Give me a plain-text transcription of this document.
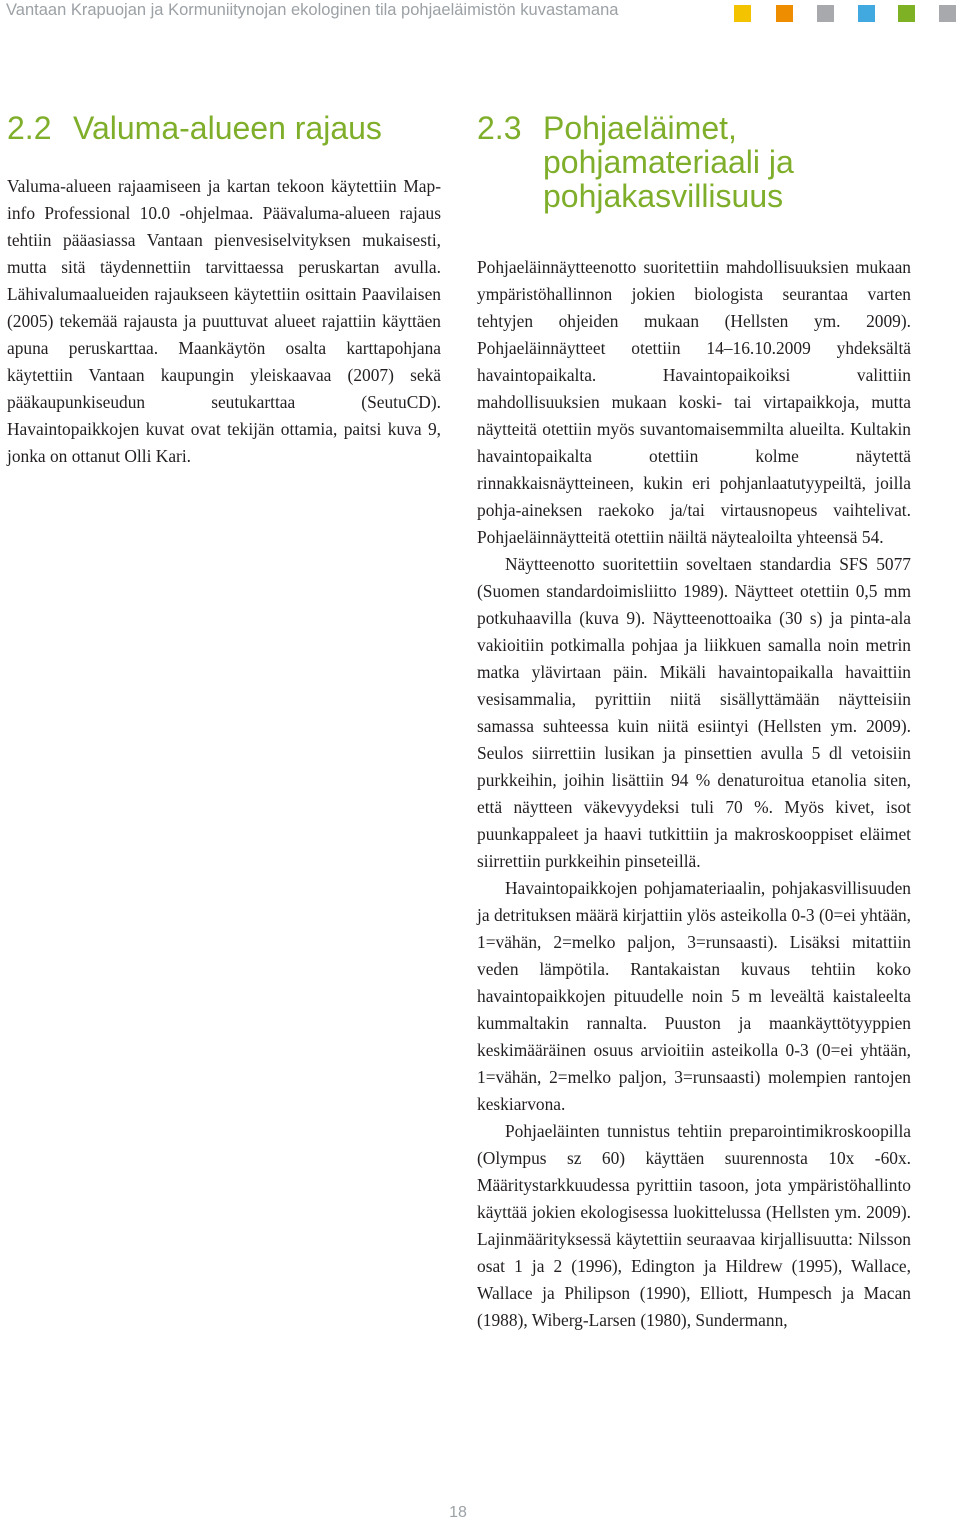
Vantaan Krapuojan ja Kormuniitynojan ekologinen tila pohjaeläimistön kuvastamana
2.2 Valuma-alueen rajaus

Valuma-alueen rajaamiseen ja kartan tekoon käytettiin Map-info Professional 10.0 -ohjelmaa. Päävaluma-alueen rajaus tehtiin pääasiassa Vantaan pienvesiselvityksen mukaisesti, mutta sitä täydennettiin tarvittaessa peruskartan avulla. Lähivalumaalueiden rajaukseen käytettiin osittain Paavilaisen (2005) tekemää rajausta ja puuttuvat alueet rajattiin käyttäen apuna peruskarttaa. Maankäytön osalta karttapohjana käytettiin Vantaan kaupungin yleiskaavaa (2007) sekä pääkaupunkiseudun seutukarttaa (SeutuCD). Havaintopaikkojen kuvat ovat tekijän ottamia, paitsi kuva 9, jonka on ottanut Olli Kari.

2.3 Pohjaeläimet, pohjamateriaali ja pohjakasvillisuus

Pohjaeläinnäytteenotto suoritettiin mahdollisuuksien mukaan ympäristöhallinnon jokien biologista seurantaa varten tehtyjen ohjeiden mukaan (Hellsten ym. 2009). Pohjaeläinnäytteet otettiin 14–16.10.2009 yhdeksältä havaintopaikalta. Havaintopaikoiksi valittiin mahdollisuuksien mukaan koski- tai virtapaikkoja, mutta näytteitä otettiin myös suvantomaisemmilta alueilta. Kultakin havaintopaikalta otettiin kolme näytettä rinnakkaisnäytteineen, kukin eri pohjanlaatutyypeiltä, joilla pohja-aineksen raekoko ja/tai virtausnopeus vaihtelivat. Pohjaeläinnäytteitä otettiin näiltä näytealoilta yhteensä 54.

Näytteenotto suoritettiin soveltaen standardia SFS 5077 (Suomen standardoimisliitto 1989). Näytteet otettiin 0,5 mm potkuhaavilla (kuva 9). Näytteenottoaika (30 s) ja pinta-ala vakioitiin potkimalla pohjaa ja liikkuen samalla noin metrin matka ylävirtaan päin. Mikäli havaintopaikalla havaittiin vesisammalia, pyrittiin niitä sisällyttämään näytteisiin samassa suhteessa kuin niitä esiintyi (Hellsten ym. 2009). Seulos siirrettiin lusikan ja pinsettien avulla 5 dl vetoisiin purkkeihin, joihin lisättiin 94 % denaturoitua etanolia siten, että näytteen väkevyydeksi tuli 70 %. Myös kivet, isot puunkappaleet ja haavi tutkittiin ja makroskooppiset eläimet siirrettiin purkkeihin pinseteillä.

Havaintopaikkojen pohjamateriaalin, pohjakasvillisuuden ja detrituksen määrä kirjattiin ylös asteikolla 0-3 (0=ei yhtään, 1=vähän, 2=melko paljon, 3=runsaasti). Lisäksi mitattiin veden lämpötila. Rantakaistan kuvaus tehtiin koko havaintopaikkojen pituudelle noin 5 m leveältä kaistaleelta kummaltakin rannalta. Puuston ja maankäyttötyyppien keskimääräinen osuus arvioitiin asteikolla 0-3 (0=ei yhtään, 1=vähän, 2=melko paljon, 3=runsaasti) molempien rantojen keskiarvona.

Pohjaeläinten tunnistus tehtiin preparointimikroskoopilla (Olympus sz 60) käyttäen suurennosta 10x -60x. Määritystarkkuudessa pyrittiin tasoon, jota ympäristöhallinto käyttää jokien ekologisessa luokittelussa (Hellsten ym. 2009). Lajinmäärityksessä käytettiin seuraavaa kirjallisuutta: Nilsson osat 1 ja 2 (1996), Edington ja Hildrew (1995), Wallace, Wallace ja Philipson (1990), Elliott, Humpesch ja Macan (1988), Wiberg-Larsen (1980), Sundermann,

18
